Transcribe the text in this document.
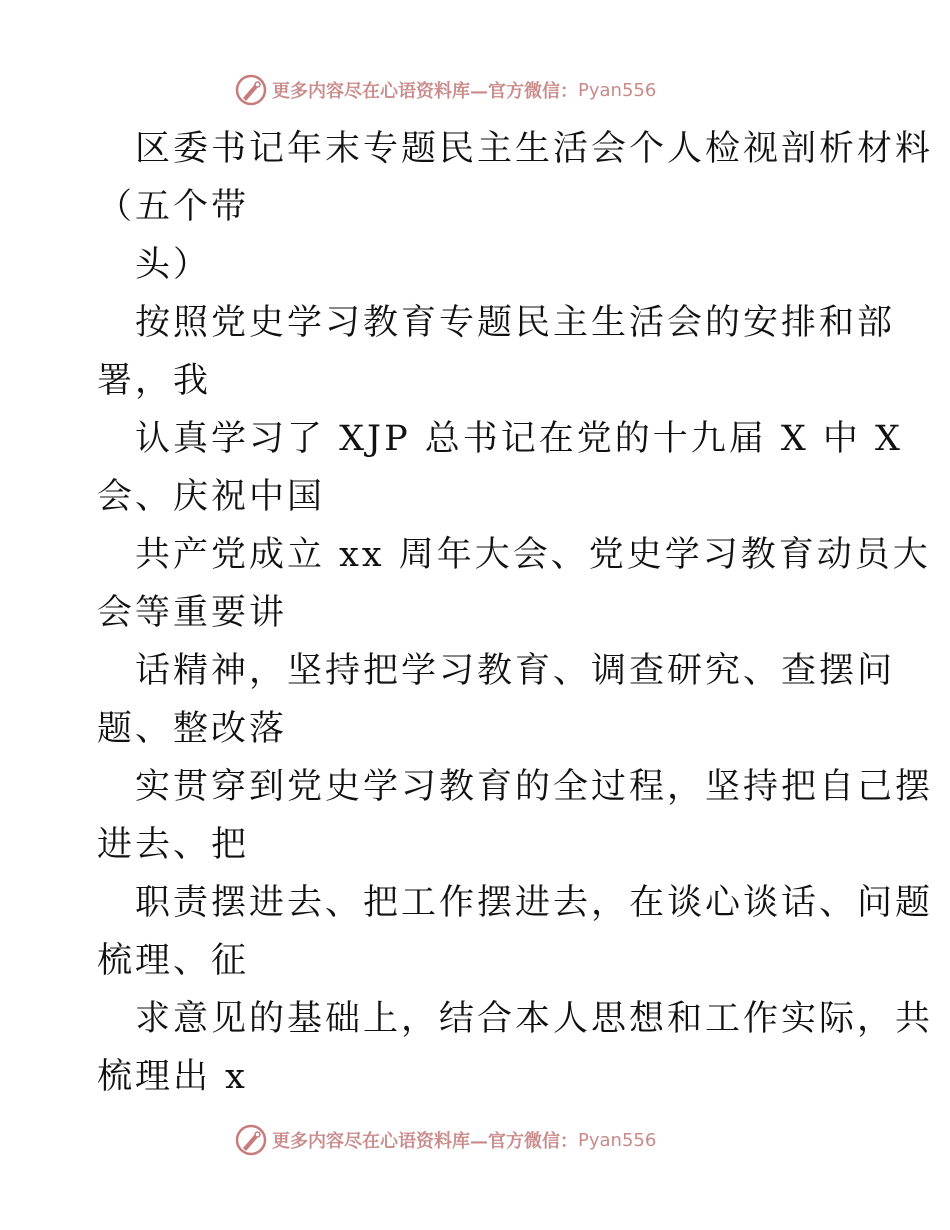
更多内容尽在心语资料库—官方微信： Pyan556
区委书记年末专题民主生活会个人检视剖析材料
（五个带
头）
按照党史学习教育专题民主生活会的安排和部
署，我
认真学习了 XJP 总书记在党的十九届 X 中 X
会、庆祝中国
共产党成立 xx 周年大会、党史学习教育动员大
会等重要讲
话精神，坚持把学习教育、调查研究、查摆问
题、整改落
实贯穿到党史学习教育的全过程，坚持把自己摆
进去、把
职责摆进去、把工作摆进去，在谈心谈话、问题
梳理、征
求意见的基础上，结合本人思想和工作实际，共
梳理出 x
更多内容尽在心语资料库—官方微信： Pyan556
